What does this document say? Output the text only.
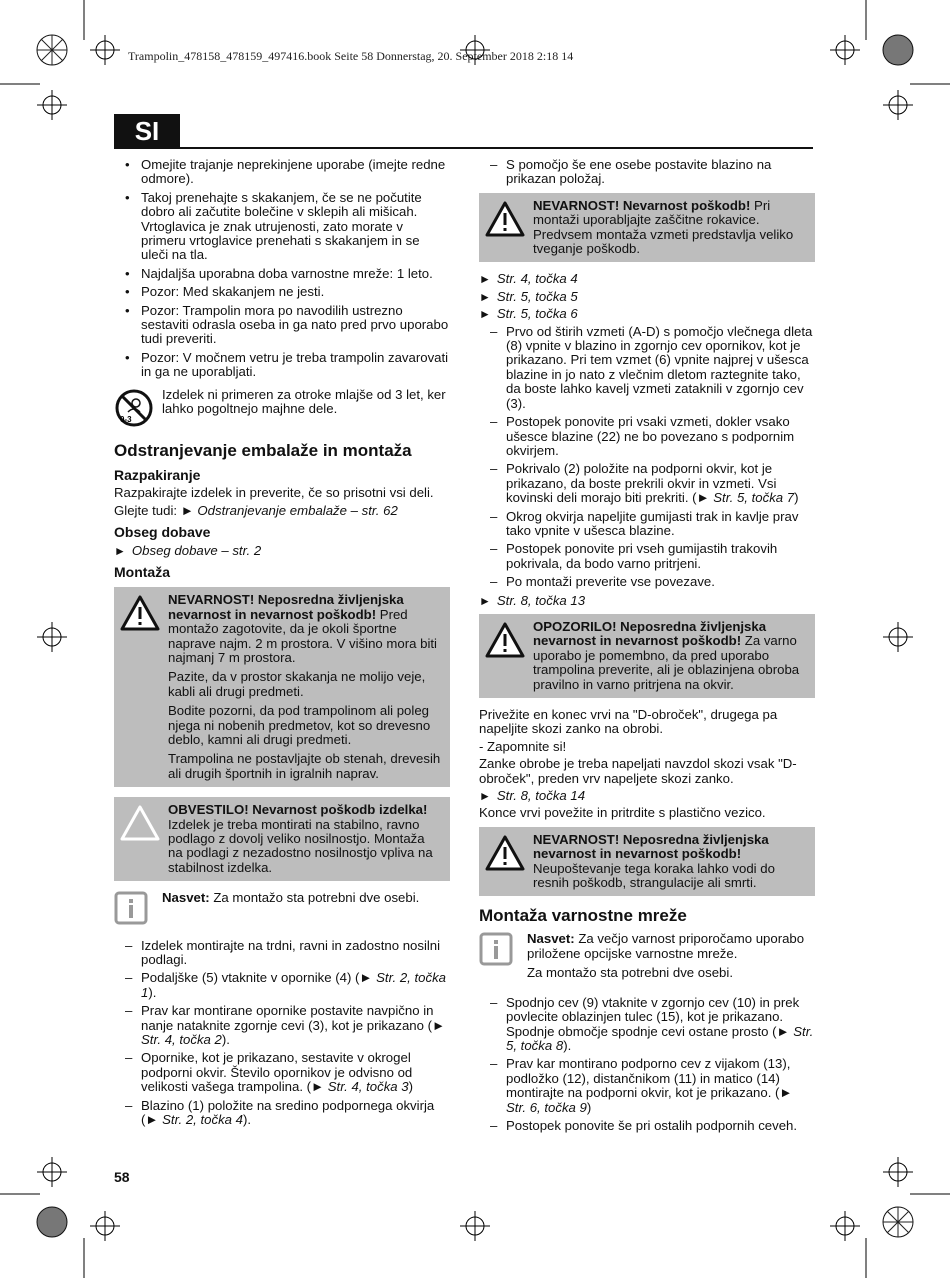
Trampolin_478158_478159_497416.book Seite 58 Donnerstag, 20. September 2018 2:18 14
SI
• Omejite trajanje neprekinjene uporabe (imejte redne odmore).
• Takoj prenehajte s skakanjem, če se ne počutite dobro ali začutite bolečine v sklepih ali mišicah. Vrtoglavica je znak utrujenosti, zato morate v primeru vrtoglavice prenehati s skakanjem in se uleči na tla.
• Najdaljša uporabna doba varnostne mreže: 1 leto.
• Pozor: Med skakanjem ne jesti.
• Pozor: Trampolin mora po navodilih ustrezno sestaviti odrasla oseba in ga nato pred prvo uporabo tudi preveriti.
• Pozor: V močnem vetru je treba trampolin zavarovati in ga ne uporabljati.
0-3

Izdelek ni primeren za otroke mlajše od 3 let, ker lahko pogoltnejo majhne dele.

Odstranjevanje embalaže in montaža
Razpakiranje

Razpakirajte izdelek in preverite, če so prisotni vsi deli.

Glejte tudi: ► Odstranjevanje embalaže – str. 62

Obseg dobave
► Obseg dobave – str. 2
Montaža

NEVARNOST! Neposredna življenjska nevarnost in nevarnost poškodb! Pred montažo zagotovite, da je okoli športne naprave najm. 2 m prostora. V višino mora biti najmanj 7 m prostora.

Pazite, da v prostor skakanja ne molijo veje, kabli ali drugi predmeti.

Bodite pozorni, da pod trampolinom ali poleg njega ni nobenih predmetov, kot so drevesno deblo, kamni ali drugi predmeti.

Trampolina ne postavljajte ob stenah, drevesih ali drugih športnih in igralnih naprav.

OBVESTILO! Nevarnost poškodb izdelka! Izdelek je treba montirati na stabilno, ravno podlago z dovolj veliko nosilnostjo. Montaža na podlagi z nezadostno nosilnostjo vpliva na stabilnost izdelka.

Nasvet: Za montažo sta potrebni dve osebi.

– Izdelek montirajte na trdni, ravni in zadostno nosilni podlagi.
– Podaljške (5) vtaknite v opornike (4) (► Str. 2, točka 1).
– Prav kar montirane opornike postavite navpično in nanje nataknite zgornje cevi (3), kot je prikazano (► Str. 4, točka 2).
– Opornike, kot je prikazano, sestavite v okrogel podporni okvir. Število opornikov je odvisno od velikosti vašega trampolina. (► Str. 4, točka 3)
– Blazino (1) položite na sredino podpornega okvirja (► Str. 2, točka 4).
– S pomočjo še ene osebe postavite blazino na prikazan položaj.

NEVARNOST! Nevarnost poškodb! Pri montaži uporabljajte zaščitne rokavice. Predvsem montaža vzmeti predstavlja veliko tveganje poškodb.

► Str. 4, točka 4
► Str. 5, točka 5
► Str. 5, točka 6
– Prvo od štirih vzmeti (A-D) s pomočjo vlečnega dleta (8) vpnite v blazino in zgornjo cev opornikov, kot je prikazano. Pri tem vzmet (6) vpnite najprej v ušesca blazine in jo nato z vlečnim dletom raztegnite tako, da boste lahko kavelj vzmeti zataknili v zgornjo cev (3).
– Postopek ponovite pri vsaki vzmeti, dokler vsako ušesce blazine (22) ne bo povezano s podpornim okvirjem.
– Pokrivalo (2) položite na podporni okvir, kot je prikazano, da boste prekrili okvir in vzmeti. Vsi kovinski deli morajo biti prekriti. (► Str. 5, točka 7)
– Okrog okvirja napeljite gumijasti trak in kavlje prav tako vpnite v ušesca blazine.
– Postopek ponovite pri vseh gumijastih trakovih pokrivala, da bodo varno pritrjeni.
– Po montaži preverite vse povezave.
► Str. 8, točka 13

OPOZORILO! Neposredna življenjska nevarnost in nevarnost poškodb! Za varno uporabo je pomembno, da pred uporabo trampolina preverite, ali je oblazinjena obroba pravilno in varno pritrjena na okvir.

Privežite en konec vrvi na "D-obroček", drugega pa napeljite skozi zanko na obrobi.

- Zapomnite si!

Zanke obrobe je treba napeljati navzdol skozi vsak "D-obroček", preden vrv napeljete skozi zanko.

► Str. 8, točka 14

Konce vrvi povežite in pritrdite s plastično vezico.

NEVARNOST! Neposredna življenjska nevarnost in nevarnost poškodb! Neupoštevanje tega koraka lahko vodi do resnih poškodb, strangulacije ali smrti.

Montaža varnostne mreže

Nasvet: Za večjo varnost priporočamo uporabo priložene opcijske varnostne mreže.

Za montažo sta potrebni dve osebi.

– Spodnjo cev (9) vtaknite v zgornjo cev (10) in prek povlecite oblazinjen tulec (15), kot je prikazano. Spodnje območje spodnje cevi ostane prosto (► Str. 5, točka 8).
– Prav kar montirano podporno cev z vijakom (13), podložko (12), distančnikom (11) in matico (14) montirajte na podporni okvir, kot je prikazano. (► Str. 6, točka 9)
– Postopek ponovite še pri ostalih podpornih ceveh.
58
